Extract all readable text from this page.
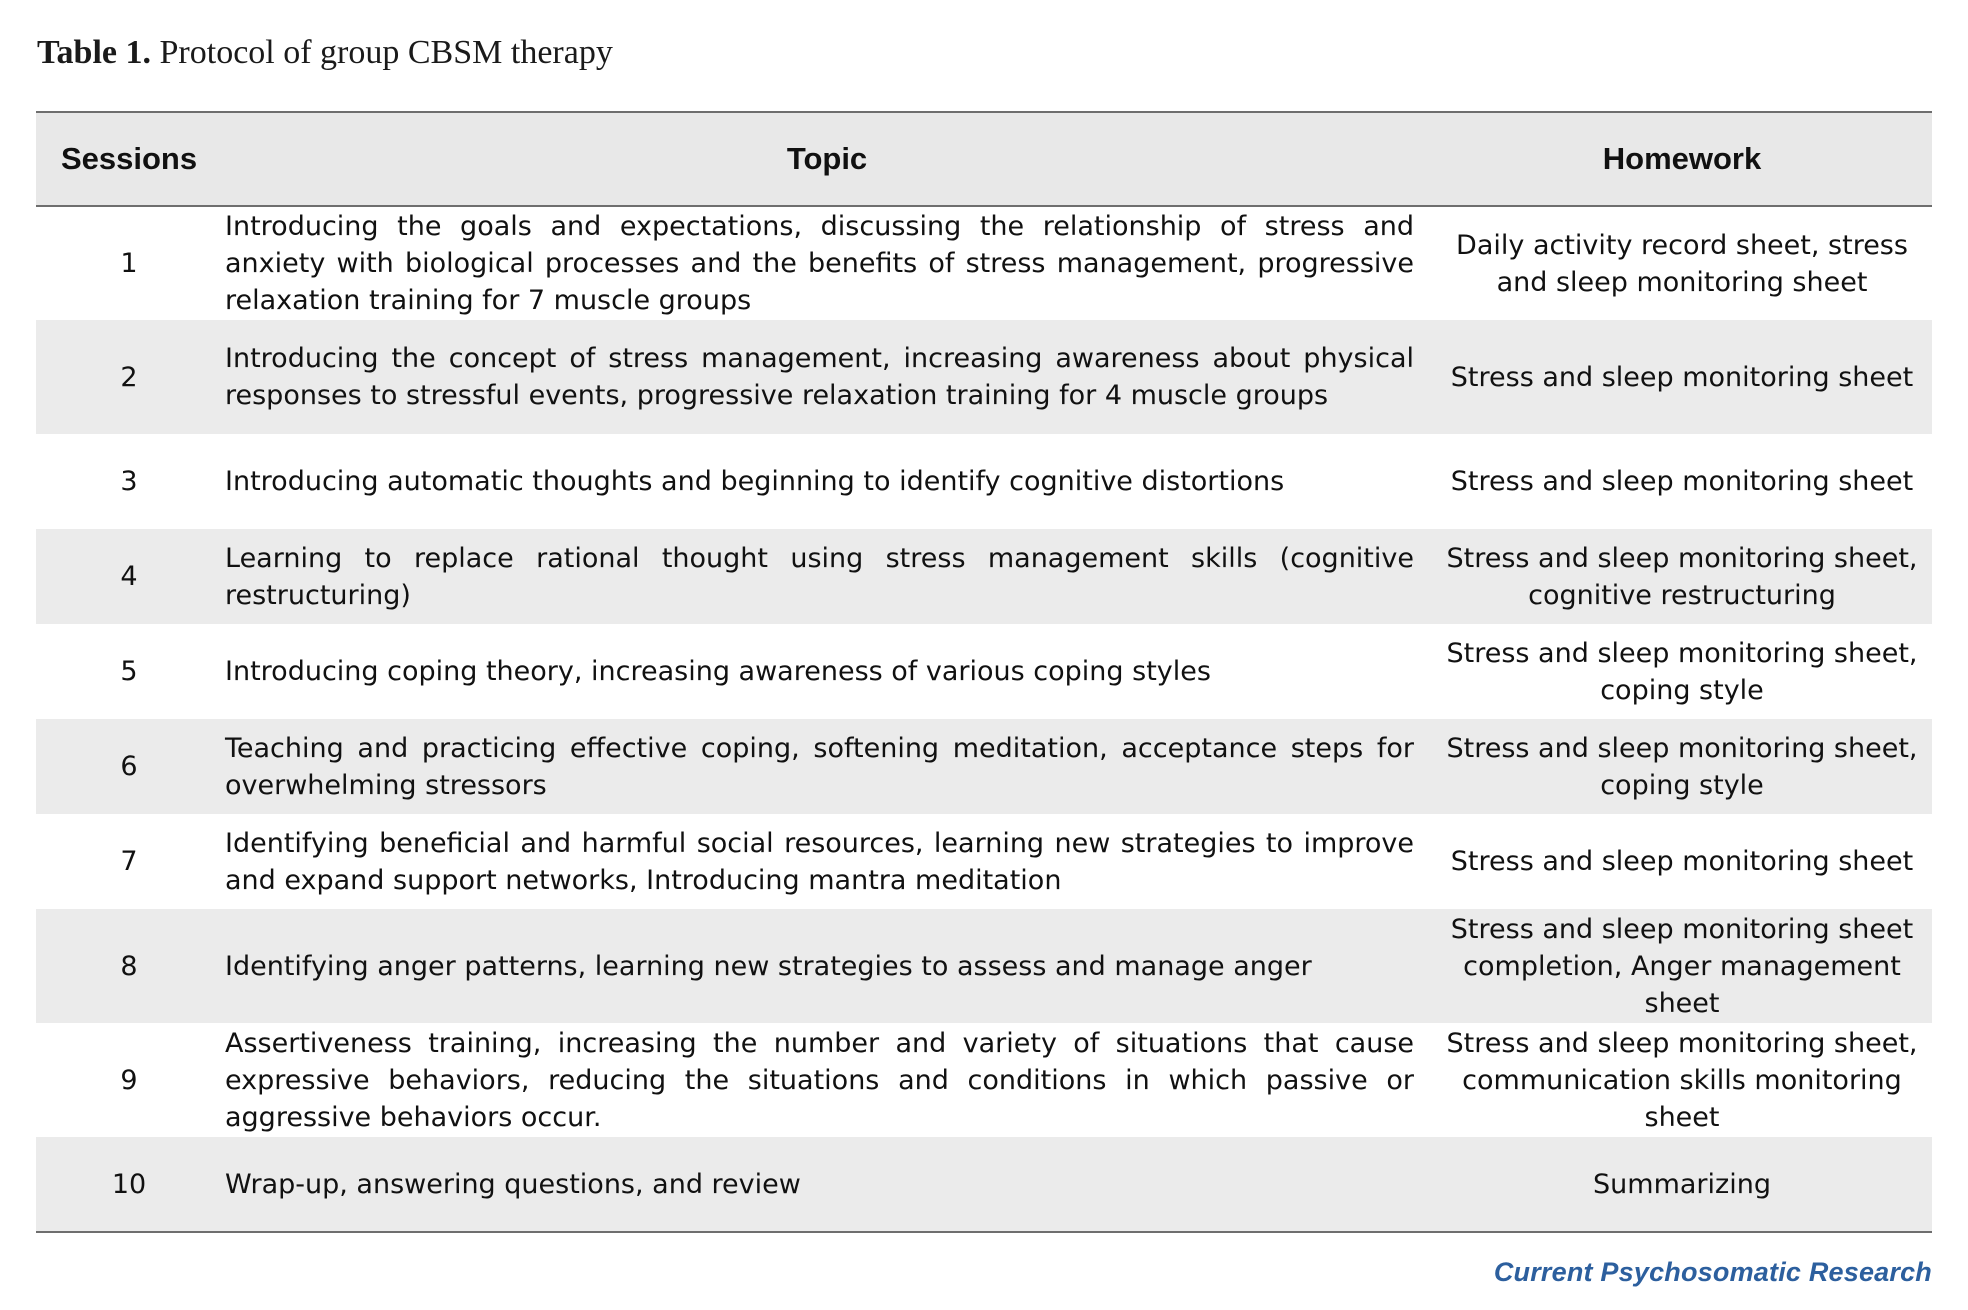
Table 1. Protocol of group CBSM therapy
Sessions	Topic	Homework
1	Introducing the goals and expectations, discussing the relationship of stress and anxiety with biological processes and the benefits of stress management, progressive relaxation training for 7 muscle groups	Daily activity record sheet, stress and sleep monitoring sheet
2	Introducing the concept of stress management, increasing awareness about physical responses to stressful events, progressive relaxation training for 4 muscle groups	Stress and sleep monitoring sheet
3	Introducing automatic thoughts and beginning to identify cognitive distortions	Stress and sleep monitoring sheet
4	Learning to replace rational thought using stress management skills (cognitive restructuring)	Stress and sleep monitoring sheet, cognitive restructuring
5	Introducing coping theory, increasing awareness of various coping styles	Stress and sleep monitoring sheet, coping style
6	Teaching and practicing effective coping, softening meditation, acceptance steps for overwhelming stressors	Stress and sleep monitoring sheet, coping style
7	Identifying beneficial and harmful social resources, learning new strategies to improve and expand support networks, Introducing mantra meditation	Stress and sleep monitoring sheet
8	Identifying anger patterns, learning new strategies to assess and manage anger	Stress and sleep monitoring sheet completion, Anger management sheet
9	Assertiveness training, increasing the number and variety of situations that cause expressive behaviors, reducing the situations and conditions in which passive or aggressive behaviors occur.	Stress and sleep monitoring sheet, communication skills monitoring sheet
10	Wrap-up, answering questions, and review	Summarizing
Current Psychosomatic Research
